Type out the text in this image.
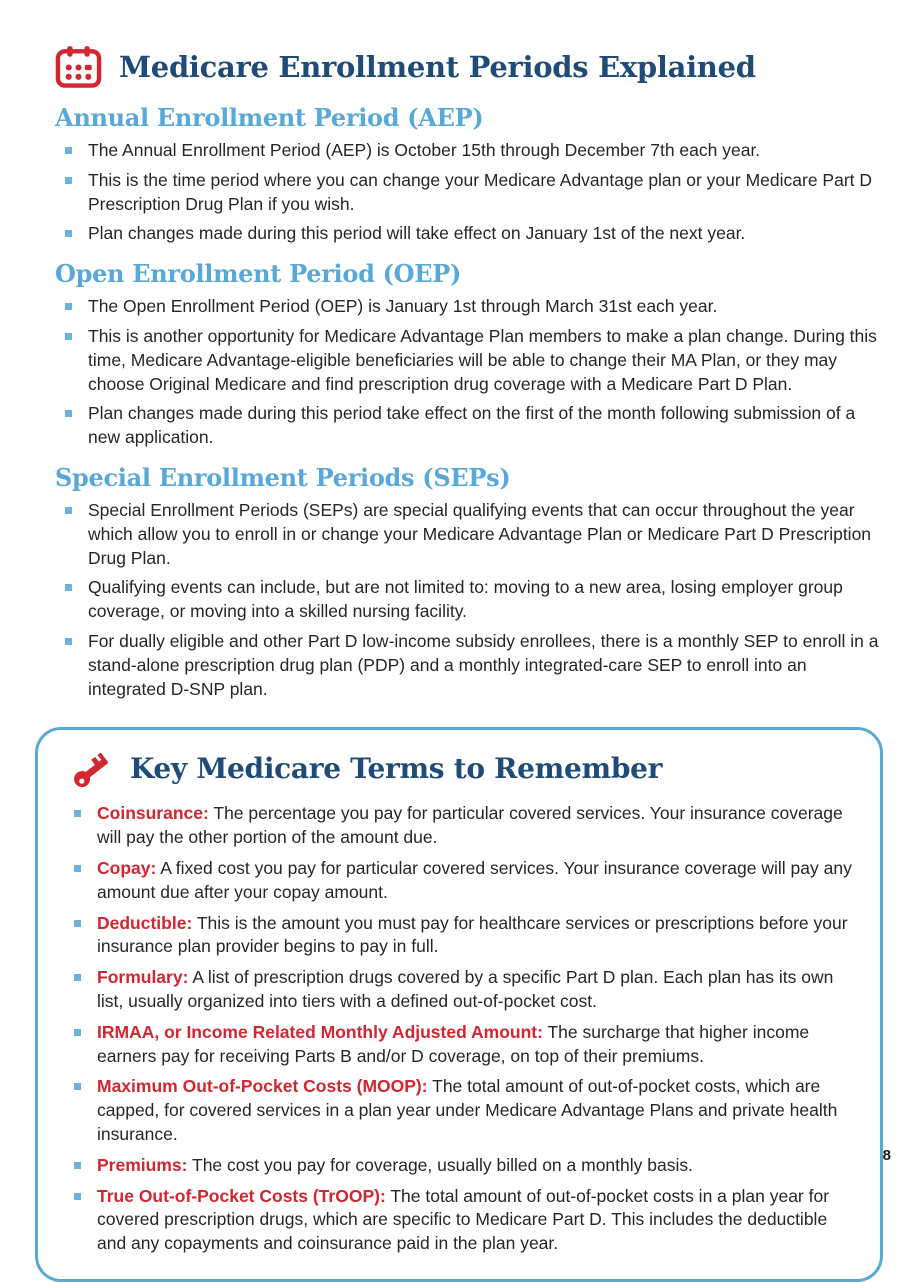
Medicare Enrollment Periods Explained
Annual Enrollment Period (AEP)
The Annual Enrollment Period (AEP) is October 15th through December 7th each year.
This is the time period where you can change your Medicare Advantage plan or your Medicare Part D Prescription Drug Plan if you wish.
Plan changes made during this period will take effect on January 1st of the next year.
Open Enrollment Period (OEP)
The Open Enrollment Period (OEP) is January 1st through March 31st each year.
This is another opportunity for Medicare Advantage Plan members to make a plan change. During this time, Medicare Advantage-eligible beneficiaries will be able to change their MA Plan, or they may choose Original Medicare and find prescription drug coverage with a Medicare Part D Plan.
Plan changes made during this period take effect on the first of the month following submission of a new application.
Special Enrollment Periods (SEPs)
Special Enrollment Periods (SEPs) are special qualifying events that can occur throughout the year which allow you to enroll in or change your Medicare Advantage Plan or Medicare Part D Prescription Drug Plan.
Qualifying events can include, but are not limited to: moving to a new area, losing employer group coverage, or moving into a skilled nursing facility.
For dually eligible and other Part D low-income subsidy enrollees, there is a monthly SEP to enroll in a stand-alone prescription drug plan (PDP) and a monthly integrated-care SEP to enroll into an integrated D-SNP plan.
Key Medicare Terms to Remember
Coinsurance: The percentage you pay for particular covered services. Your insurance coverage will pay the other portion of the amount due.
Copay: A fixed cost you pay for particular covered services. Your insurance coverage will pay any amount due after your copay amount.
Deductible: This is the amount you must pay for healthcare services or prescriptions before your insurance plan provider begins to pay in full.
Formulary: A list of prescription drugs covered by a specific Part D plan. Each plan has its own list, usually organized into tiers with a defined out-of-pocket cost.
IRMAA, or Income Related Monthly Adjusted Amount: The surcharge that higher income earners pay for receiving Parts B and/or D coverage, on top of their premiums.
Maximum Out-of-Pocket Costs (MOOP): The total amount of out-of-pocket costs, which are capped, for covered services in a plan year under Medicare Advantage Plans and private health insurance.
Premiums: The cost you pay for coverage, usually billed on a monthly basis.
True Out-of-Pocket Costs (TrOOP): The total amount of out-of-pocket costs in a plan year for covered prescription drugs, which are specific to Medicare Part D. This includes the deductible and any copayments and coinsurance paid in the plan year.
8
